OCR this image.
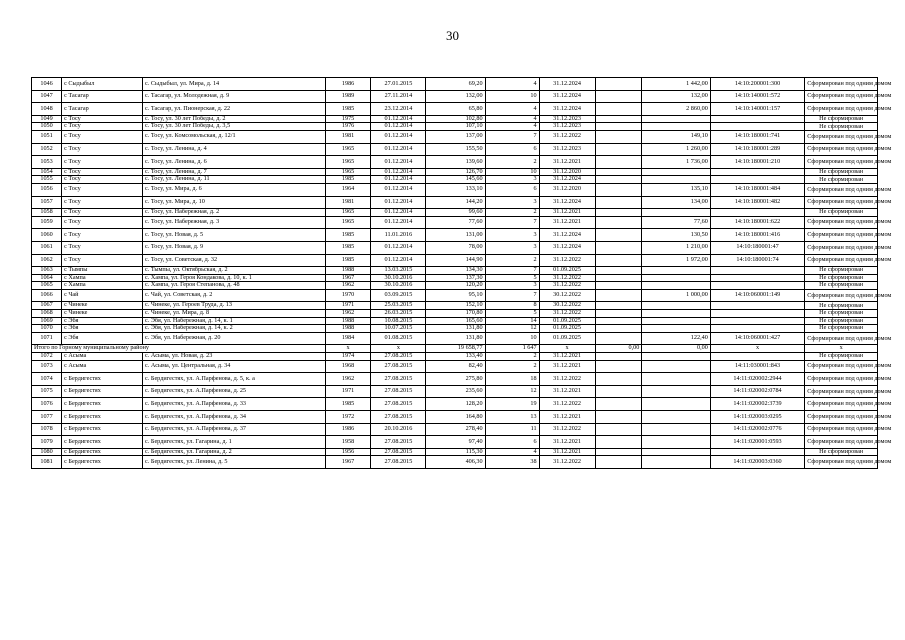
30
1046	с Сыдыбыл	с. Сыдыбыл, ул. Мира, д. 14	1986	27.01.2015	69,20	4	31.12.2024		1 442,00	14:10:200001:300	Сформирован под одним домом
1047	с Тасагар	с. Тасагар, ул. Молодежная, д. 9	1989	27.11.2014	132,00	10	31.12.2024		132,00	14:10:140001:572	Сформирован под одним домом
1048	с Тасагар	с. Тасагар, ул. Пионерская, д. 22	1985	23.12.2014	65,80	4	31.12.2024		2 860,00	14:10:140001:157	Сформирован под одним домом
1049	с Тосу	с. Тосу, ул. 30 лет Победы, д. 2	1975	01.12.2014	102,80	4	31.12.2023				Не сформирован
1050	с Тосу	с. Тосу, ул. 30 лет Победы, д. 3,5	1976	01.12.2014	107,10	4	31.12.2023				Не сформирован
1051	с Тосу	с. Тосу, ул. Комсомольская, д. 12/1	1981	01.12.2014	137,00	7	31.12.2022		149,10	14:10:180001:741	Сформирован под одним домом
1052	с Тосу	с. Тосу, ул. Ленина, д. 4	1965	01.12.2014	155,50	6	31.12.2023		1 260,00	14:10:180001:289	Сформирован под одним домом
1053	с Тосу	с. Тосу, ул. Ленина, д. 6	1965	01.12.2014	139,60	2	31.12.2021		1 736,00	14:10:180001:210	Сформирован под одним домом
1054	с Тосу	с. Тосу, ул. Ленина, д. 7	1965	01.12.2014	126,70	10	31.12.2020				Не сформирован
1055	с Тосу	с. Тосу, ул. Ленина, д. 11	1985	01.12.2014	145,60	3	31.12.2024				Не сформирован
1056	с Тосу	с. Тосу, ул. Мира, д. 6	1964	01.12.2014	133,10	6	31.12.2020		135,10	14:10:180001:484	Сформирован под одним домом
1057	с Тосу	с. Тосу, ул. Мира, д. 10	1981	01.12.2014	144,20	3	31.12.2024		134,00	14:10:180001:482	Сформирован под одним домом
1058	с Тосу	с. Тосу, ул. Набережная, д. 2	1965	01.12.2014	99,60	2	31.12.2021				Не сформирован
1059	с Тосу	с. Тосу, ул. Набережная, д. 3	1965	01.12.2014	77,60	7	31.12.2021		77,60	14:10:180001:622	Сформирован под одним домом
1060	с Тосу	с. Тосу, ул. Новая, д. 5	1985	11.01.2016	131,00	3	31.12.2024		130,50	14:10:180001:416	Сформирован под одним домом
1061	с Тосу	с. Тосу, ул. Новая, д. 9	1985	01.12.2014	78,00	3	31.12.2024		1 210,00	14:10:180001:47	Сформирован под одним домом
1062	с Тосу	с. Тосу, ул. Советская, д. 32	1985	01.12.2014	144,90	2	31.12.2022		1 972,00	14:10:180001:74	Сформирован под одним домом
1063	с Тымпы	с. Тымпы, ул. Октябрьская, д. 2	1988	13.03.2015	134,30	7	01.09.2025				Не сформирован
1064	с Хампа	с. Хампа, ул. Героя Кондакова, д. 10, к. 1	1967	30.10.2016	137,30	5	31.12.2022				Не сформирован
1065	с Хампа	с. Хампа, ул. Героя Степанова, д. 48	1962	30.10.2016	120,20	3	31.12.2022				Не сформирован
1066	с Чай	с. Чай, ул. Советская, д. 2	1970	03.09.2015	95,10	7	30.12.2022		1 000,00	14:10:060001:149	Сформирован под одним домом
1067	с Чинеке	с. Чинеке, ул. Героев Труда, д. 13	1971	25.03.2015	152,10	8	30.12.2022				Не сформирован
1068	с Чинеке	с. Чинеке, ул. Мира, д. 8	1962	26.03.2015	170,80	5	31.12.2022				Не сформирован
1069	с Эбя	с. Эбя, ул. Набережная, д. 14, к. 1	1988	10.08.2015	165,60	14	01.09.2025				Не сформирован
1070	с Эбя	с. Эбя, ул. Набережная, д. 14, к. 2	1988	10.07.2015	131,80	12	01.09.2025				Не сформирован
1071	с Эбя	с. Эбя, ул. Набережная, д. 20	1984	01.08.2015	131,80	10	01.09.2025		122,40	14:10:060001:427	Сформирован под одним домом
Итого по Горному муниципальному району			x	x	19 658,77	1 647	x	0,00	0,00	x	x
1072	с Асыма	с. Асыма, ул. Новая, д. 23	1974	27.08.2015	133,40	2	31.12.2021				Не сформирован
1073	с Асыма	с. Асыма, ул. Центральная, д. 34	1968	27.08.2015	82,40	2	31.12.2021			14:11:030001:843	Сформирован под одним домом
1074	с Бердигестях	с. Бердигестях, ул. А.Парфенова, д. 5, к. а	1962	27.08.2015	275,80	18	31.12.2022			14:11:020002:2944	Сформирован под одним домом
1075	с Бердигестях	с. Бердигестях, ул. А.Парфенова, д. 25	1971	27.08.2015	235,60	12	31.12.2021			14:11:020002:0784	Сформирован под одним домом
1076	с Бердигестях	с. Бердигестях, ул. А.Парфенова, д. 33	1985	27.08.2015	128,20	19	31.12.2022			14:11:020002:3739	Сформирован под одним домом
1077	с Бердигестях	с. Бердигестях, ул. А.Парфенова, д. 34	1972	27.08.2015	164,80	13	31.12.2021			14:11:020003:0295	Сформирован под одним домом
1078	с Бердигестях	с. Бердигестях, ул. А.Парфенова, д. 37	1986	20.10.2016	278,40	11	31.12.2022			14:11:020002:0776	Сформирован под одним домом
1079	с Бердигестях	с. Бердигестях, ул. Гагарина, д. 1	1958	27.08.2015	97,40	6	31.12.2021			14:11:020001:0593	Сформирован под одним домом
1080	с Бердигестях	с. Бердигестях, ул. Гагарина, д. 2	1956	27.08.2015	115,30	4	31.12.2021				Не сформирован
1081	с Бердигестях	с. Бердигестях, ул. Ленина, д. 5	1967	27.08.2015	406,30	38	31.12.2022			14:11:020003:0360	Сформирован под одним домом
